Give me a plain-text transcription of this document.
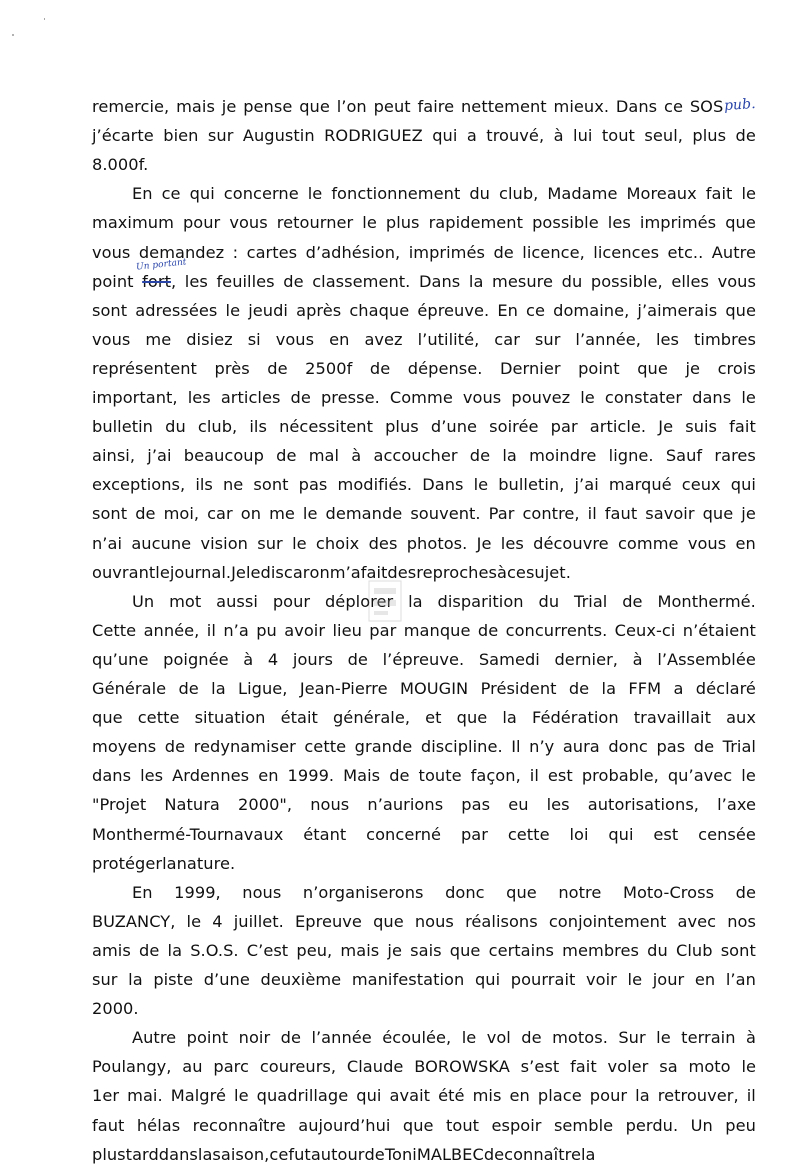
remercie, mais je pense que l’on peut faire nettement mieux. Dans ce SOSpub.
j’écarte bien sur Augustin RODRIGUEZ qui a trouvé, à lui tout seul, plus de
8.000f.
En ce qui concerne le fonctionnement du club, Madame Moreaux fait le
maximum pour vous retourner le plus rapidement possible les imprimés que
vous demandez : cartes d’adhésion, imprimés de licence, licences etc.. Autre
point fort,
Un portant
les feuilles de classement. Dans la mesure du possible, elles vous
sont adressées le jeudi après chaque épreuve. En ce domaine, j’aimerais que
vous me disiez si vous en avez l’utilité, car sur l’année, les timbres
représentent près de 2500f de dépense. Dernier point que je crois
important, les articles de presse. Comme vous pouvez le constater dans le
bulletin du club, ils nécessitent plus d’une soirée par article. Je suis fait
ainsi, j’ai beaucoup de mal à accoucher de la moindre ligne. Sauf rares
exceptions, ils ne sont pas modifiés. Dans le bulletin, j’ai marqué ceux qui
sont de moi, car on me le demande souvent. Par contre, il faut savoir que je
n’ai aucune vision sur le choix des photos. Je les découvre comme vous en
ouvrantlejournal.Jelediscaronm’afaitdesreprochesàcesujet.
Un mot aussi pour déplorer la disparition du Trial de Monthermé.
Cette année, il n’a pu avoir lieu par manque de concurrents. Ceux-ci n’étaient
qu’une poignée à 4 jours de l’épreuve. Samedi dernier, à l’Assemblée
Générale de la Ligue, Jean-Pierre MOUGIN Président de la FFM a déclaré
que cette situation était générale, et que la Fédération travaillait aux
moyens de redynamiser cette grande discipline. Il n’y aura donc pas de Trial
dans les Ardennes en 1999. Mais de toute façon, il est probable, qu’avec le
"Projet Natura 2000", nous n’aurions pas eu les autorisations, l’axe
Monthermé-Tournavaux étant concerné par cette loi qui est censée
protégerlanature.
En 1999, nous n’organiserons donc que notre Moto-Cross de
BUZANCY, le 4 juillet. Epreuve que nous réalisons conjointement avec nos
amis de la S.O.S. C’est peu, mais je sais que certains membres du Club sont
sur la piste d’une deuxième manifestation qui pourrait voir le jour en l’an
2000.
Autre point noir de l’année écoulée, le vol de motos. Sur le terrain à
Poulangy, au parc coureurs, Claude BOROWSKA s’est fait voler sa moto le
1er mai. Malgré le quadrillage qui avait été mis en place pour la retrouver, il
faut hélas reconnaître aujourd’hui que tout espoir semble perdu. Un peu
plustarddanslasaison,cefutautourdeToniMALBECdeconnaîtrela
